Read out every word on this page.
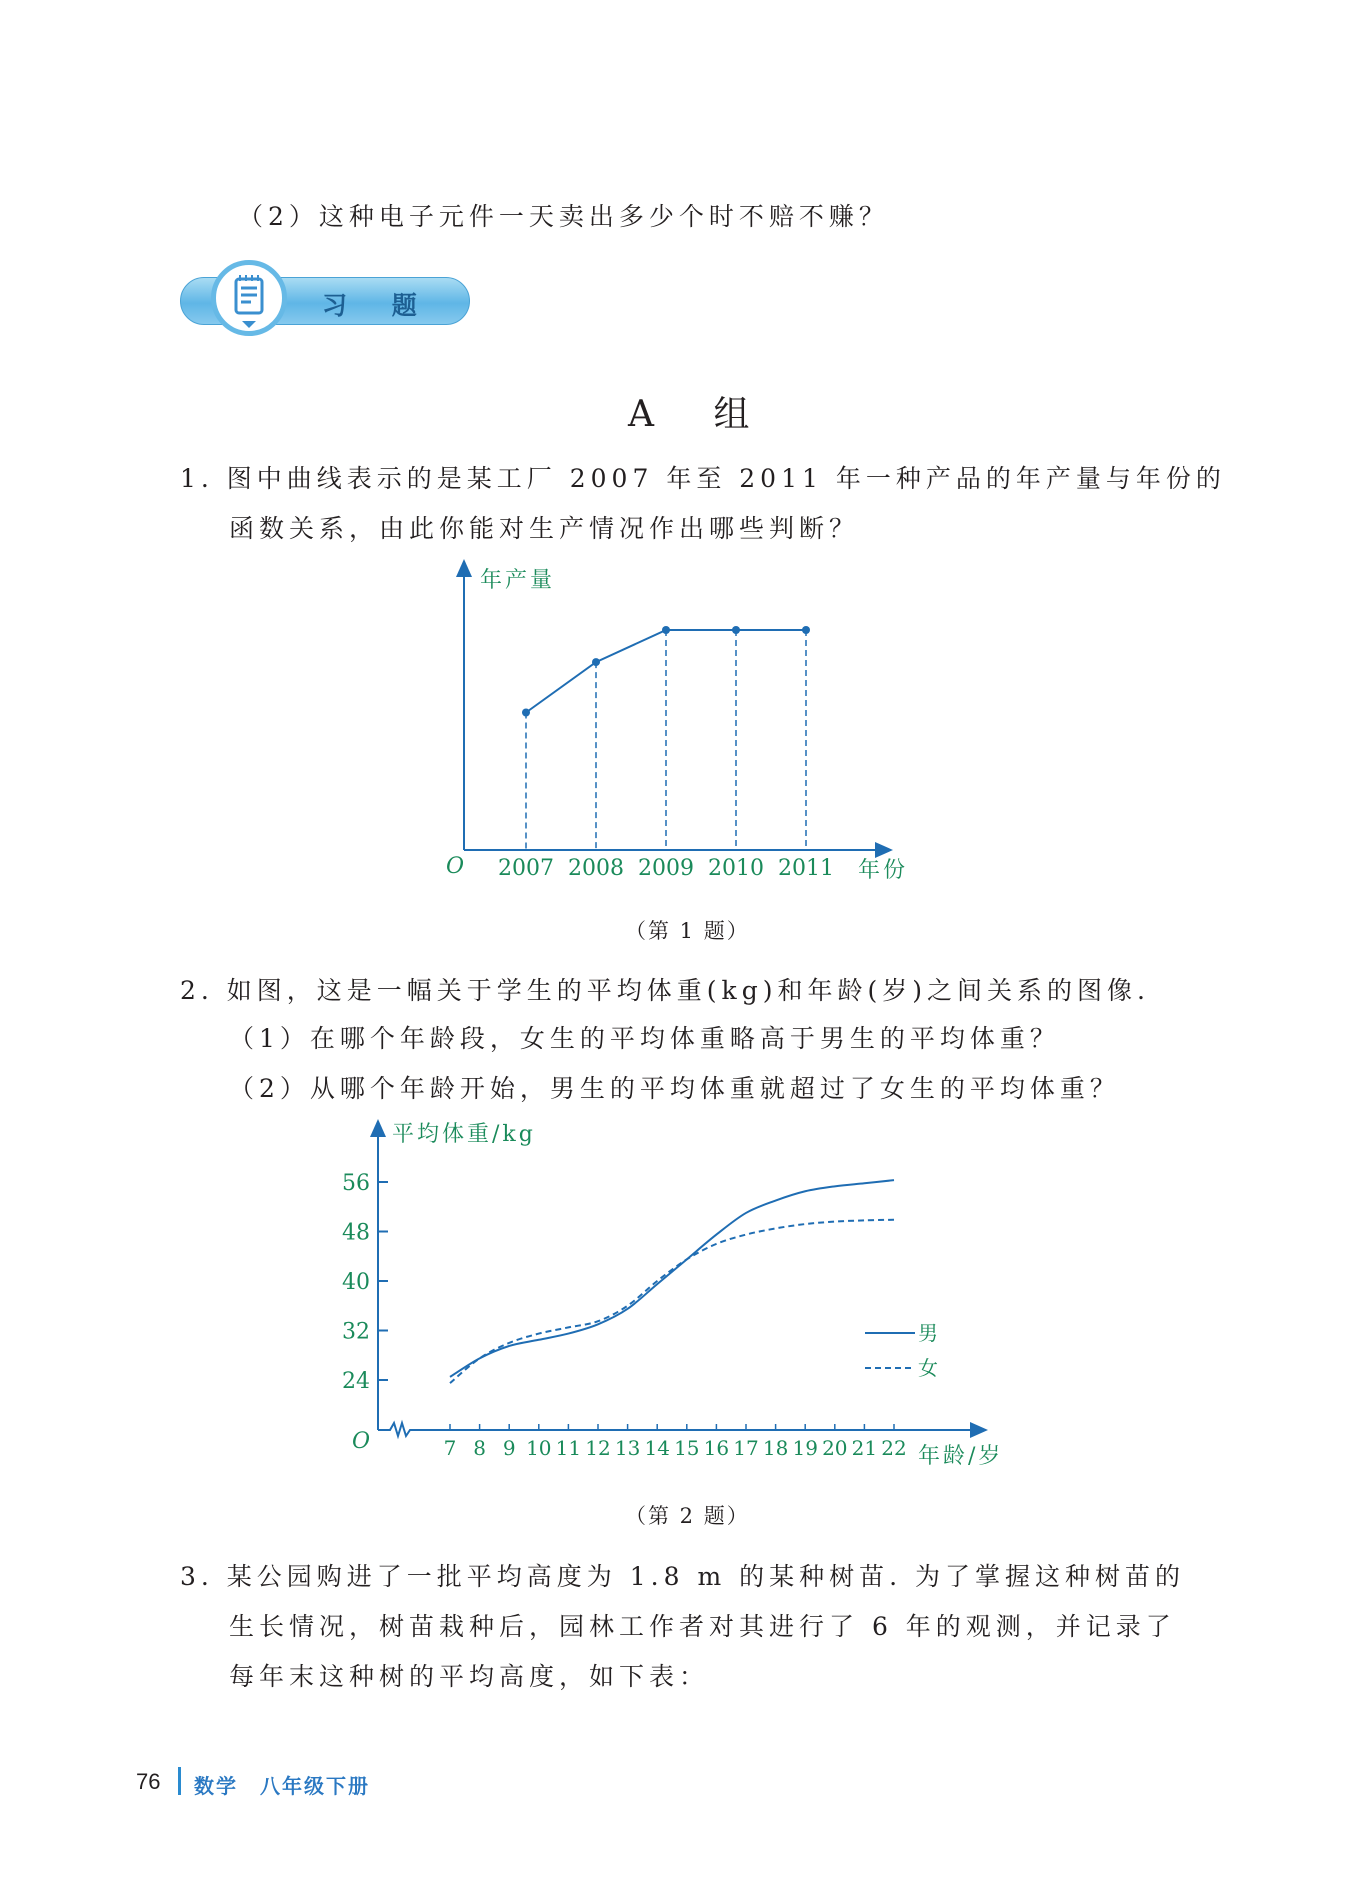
（2）这种电子元件一天卖出多少个时不赔不赚？
习 题
A 组
1. 图中曲线表示的是某工厂 2007 年至 2011 年一种产品的年产量与年份的
函数关系，由此你能对生产情况作出哪些判断？
年产量
年份
O 2007 2008 2009 2010 2011
（第 1 题）
2. 如图，这是一幅关于学生的平均体重(kg)和年龄(岁)之间关系的图像.
（1）在哪个年龄段，女生的平均体重略高于男生的平均体重？
（2）从哪个年龄开始，男生的平均体重就超过了女生的平均体重？
平均体重/kg
年龄/岁
O
24
32
40
48
56
7 8 9 10 11 12 13 14 15 16 17 18 19 20 21 22
男
女
（第 2 题）
3. 某公园购进了一批平均高度为 1.8 m 的某种树苗. 为了掌握这种树苗的
生长情况，树苗栽种后，园林工作者对其进行了 6 年的观测，并记录了
每年末这种树的平均高度，如下表：
76 数学　八年级下册
